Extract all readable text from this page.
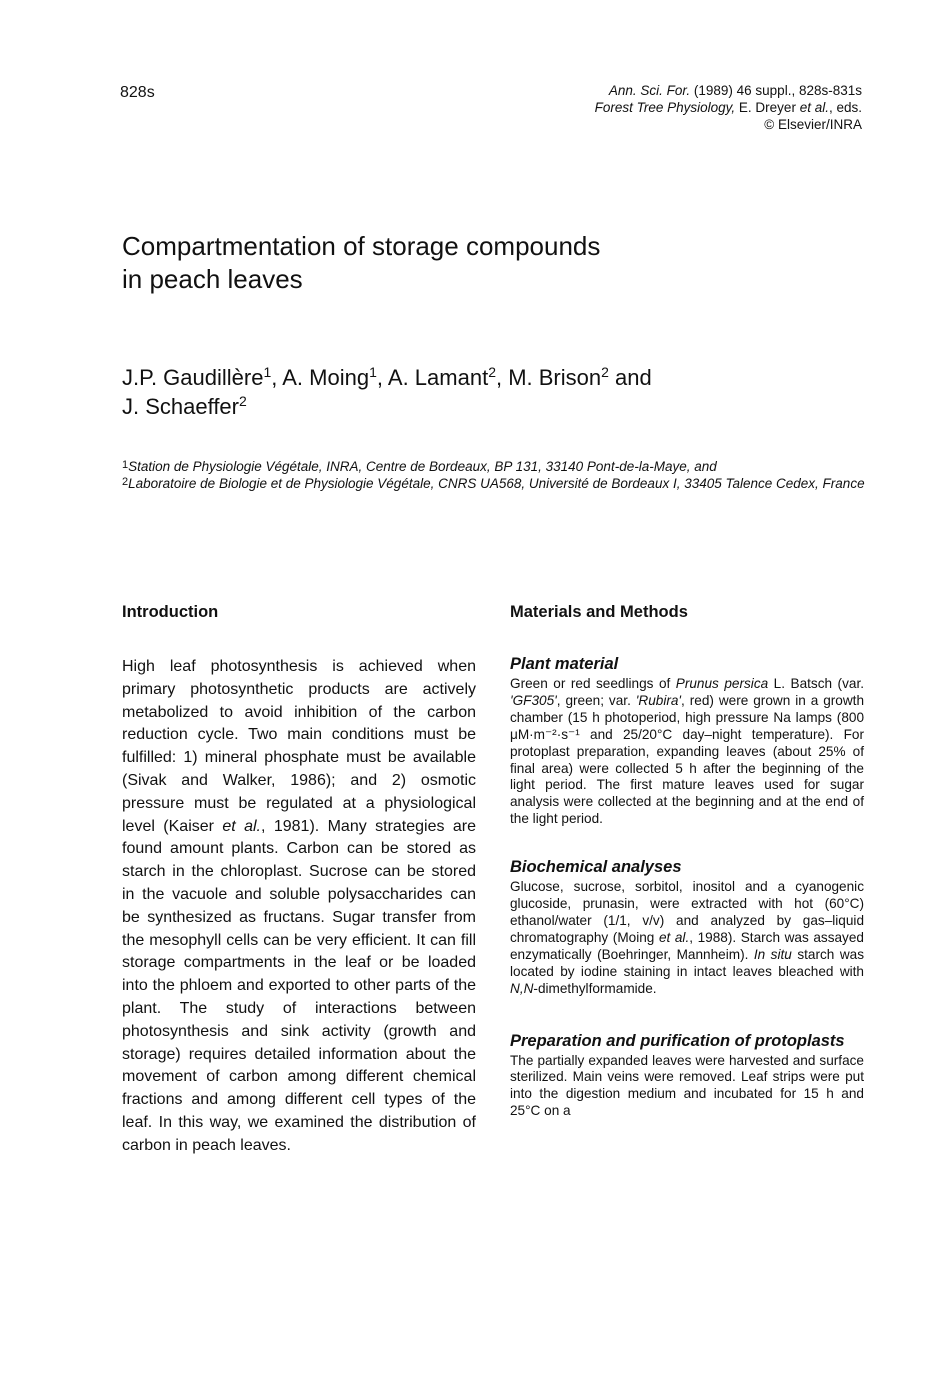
828s	Ann. Sci. For. (1989) 46 suppl., 828s-831s
Forest Tree Physiology, E. Dreyer et al., eds.
© Elsevier/INRA
Compartmentation of storage compounds
in peach leaves
J.P. Gaudillère$^1$, A. Moing$^1$, A. Lamant$^2$, M. Brison$^2$ and
J. Schaeffer$^2$

$^1$Station de Physiologie Végétale, INRA, Centre de Bordeaux, BP 131, 33140 Pont-de-la-Maye, and

$^2$Laboratoire de Biologie et de Physiologie Végétale, CNRS UA568, Université de Bordeaux I, 33405 Talence Cedex, France

Introduction

High leaf photosynthesis is achieved when primary photosynthetic products are actively metabolized to avoid inhibition of the carbon reduction cycle. Two main conditions must be fulfilled: 1) mineral phosphate must be available (Sivak and Walker, 1986); and 2) osmotic pressure must be regulated at a physiological level (Kaiser et al., 1981). Many strategies are found amount plants. Carbon can be stored as starch in the chloroplast. Sucrose can be stored in the vacuole and soluble polysaccharides can be synthesized as fructans. Sugar transfer from the mesophyll cells can be very efficient. It can fill storage compartments in the leaf or be loaded into the phloem and exported to other parts of the plant. The study of interactions between photosynthesis and sink activity (growth and storage) requires detailed information about the movement of carbon among different chemical fractions and among different cell types of the leaf. In this way, we examined the distribution of carbon in peach leaves.

Materials and Methods
Plant material

Green or red seedlings of Prunus persica L. Batsch (var. 'GF305', green; var. 'Rubira', red) were grown in a growth chamber (15 h photoperiod, high pressure Na lamps (800 μM·m⁻²·s⁻¹ and 25/20°C day–night temperature). For protoplast preparation, expanding leaves (about 25% of final area) were collected 5 h after the beginning of the light period. The first mature leaves used for sugar analysis were collected at the beginning and at the end of the light period.

Biochemical analyses

Glucose, sucrose, sorbitol, inositol and a cyanogenic glucoside, prunasin, were extracted with hot (60°C) ethanol/water (1/1, v/v) and analyzed by gas–liquid chromatography (Moing et al., 1988). Starch was assayed enzymatically (Boehringer, Mannheim). In situ starch was located by iodine staining in intact leaves bleached with N,N-dimethylformamide.

Preparation and purification of protoplasts

The partially expanded leaves were harvested and surface sterilized. Main veins were removed. Leaf strips were put into the digestion medium and incubated for 15 h and 25°C on a
